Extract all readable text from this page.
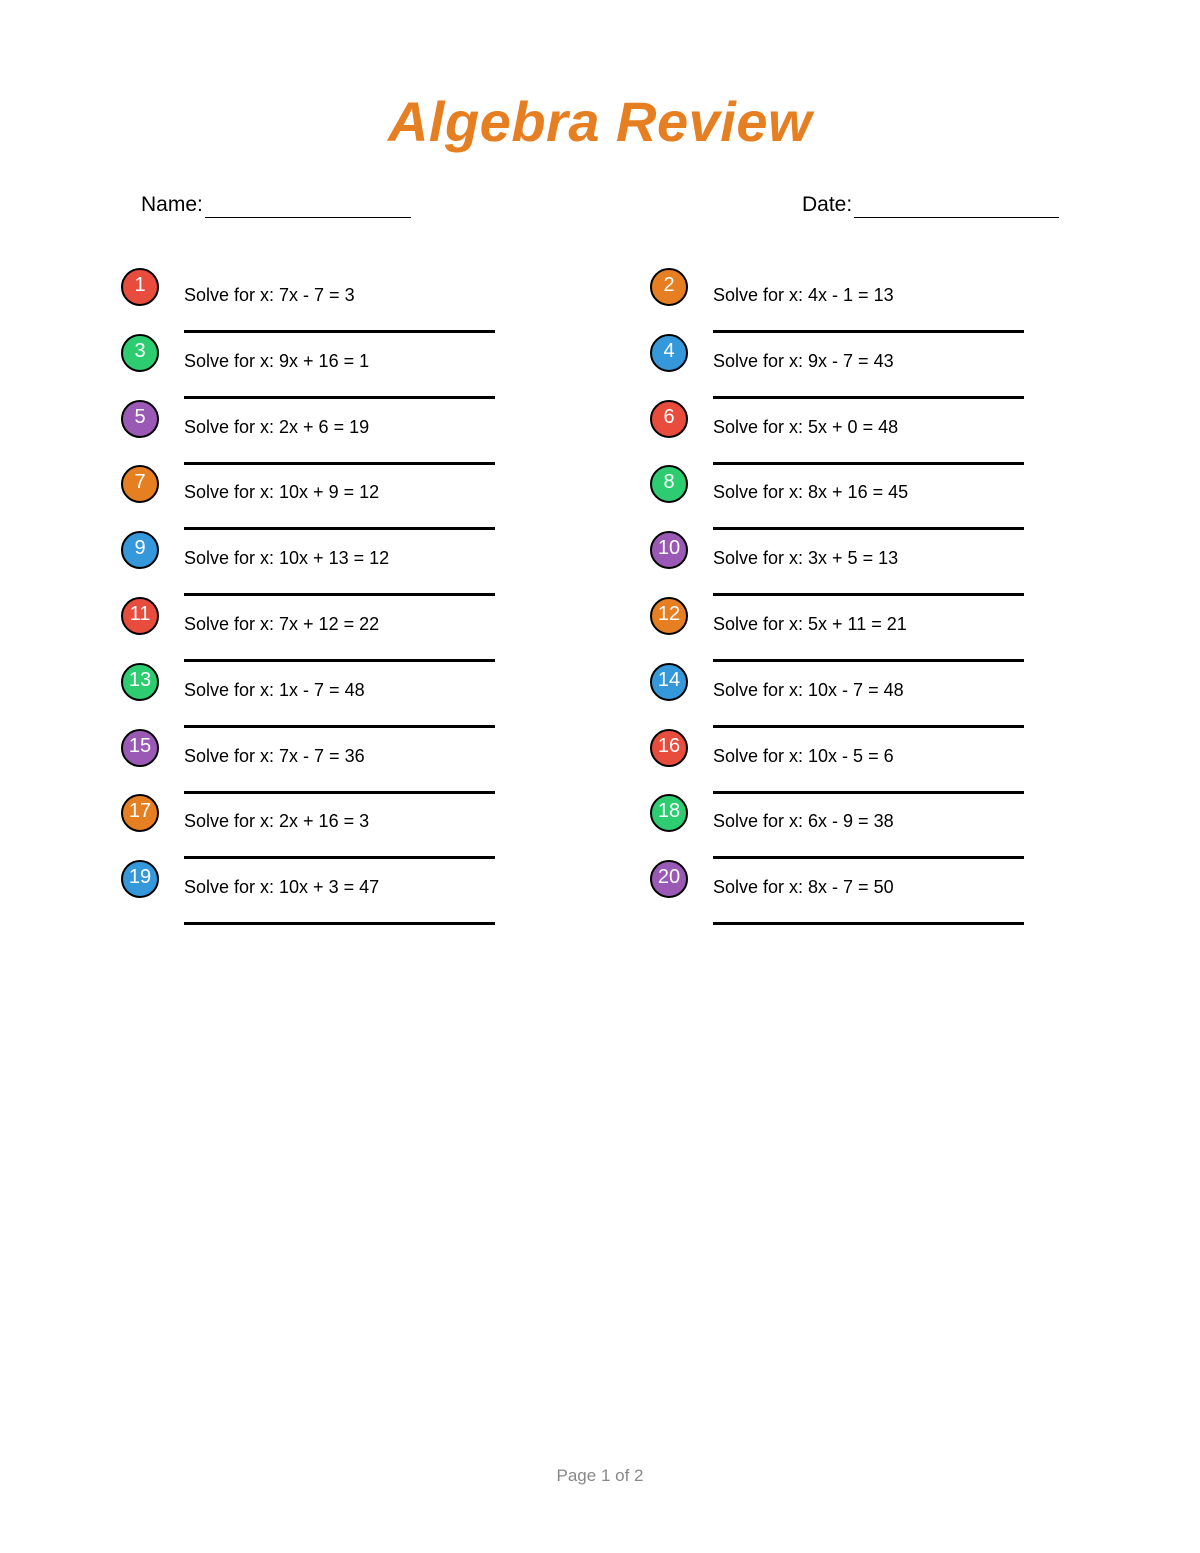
Algebra Review
Name:	Date:
1	Solve for x: 7x - 7 = 3	2	Solve for x: 4x - 1 = 13
3	Solve for x: 9x + 16 = 1	4	Solve for x: 9x - 7 = 43
5	Solve for x: 2x + 6 = 19	6	Solve for x: 5x + 0 = 48
7	Solve for x: 10x + 9 = 12	8	Solve for x: 8x + 16 = 45
9	Solve for x: 10x + 13 = 12	10	Solve for x: 3x + 5 = 13
11	Solve for x: 7x + 12 = 22	12	Solve for x: 5x + 11 = 21
13	Solve for x: 1x - 7 = 48	14	Solve for x: 10x - 7 = 48
15	Solve for x: 7x - 7 = 36	16	Solve for x: 10x - 5 = 6
17	Solve for x: 2x + 16 = 3	18	Solve for x: 6x - 9 = 38
19	Solve for x: 10x + 3 = 47	20	Solve for x: 8x - 7 = 50
Page 1 of 2
